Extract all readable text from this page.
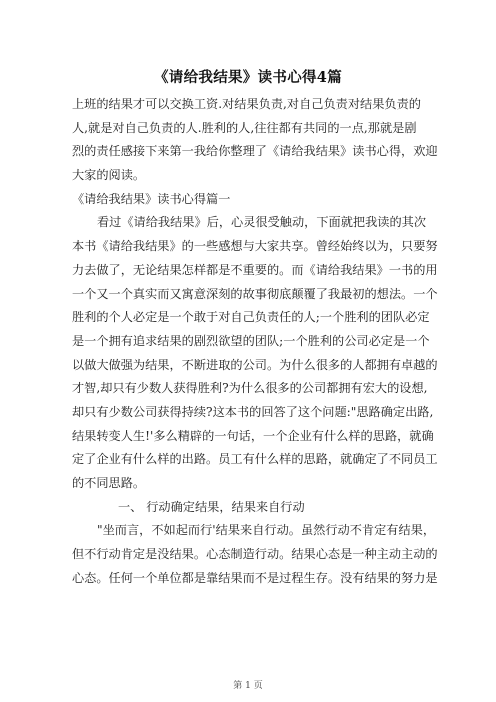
《请给我结果》读书心得4篇
上班的结果才可以交换工资.对结果负责,对自己负责对结果负责的
人,就是对自己负责的人.胜利的人,往往都有共同的一点,那就是剧
烈的责任感接下来第一我给你整理了《请给我结果》读书心得，欢迎
大家的阅读。
《请给我结果》读书心得篇一
看过《请给我结果》后，心灵很受触动，下面就把我读的其次
本书《请给我结果》的一些感想与大家共享。曾经始终以为，只要努
力去做了，无论结果怎样都是不重要的。而《请给我结果》一书的用
一个又一个真实而又寓意深刻的故事彻底颠覆了我最初的想法。一个
胜利的个人必定是一个敢于对自己负责任的人;一个胜利的团队必定
是一个拥有追求结果的剧烈欲望的团队;一个胜利的公司必定是一个
以做大做强为结果，不断进取的公司。为什么很多的人都拥有卓越的
才智,却只有少数人获得胜利?为什么很多的公司都拥有宏大的设想,
却只有少数公司获得持续?这本书的回答了这个问题:"思路确定出路,
结果转变人生!'多么精辟的一句话，一个企业有什么样的思路，就确
定了企业有什么样的出路。员工有什么样的思路，就确定了不同员工
的不同思路。
一、 行动确定结果，结果来自行动
"坐而言，不如起而行'结果来自行动。虽然行动不肯定有结果，
但不行动肯定是没结果。心态制造行动。结果心态是一种主动主动的
心态。任何一个单位都是靠结果而不是过程生存。没有结果的努力是
第 1 页
